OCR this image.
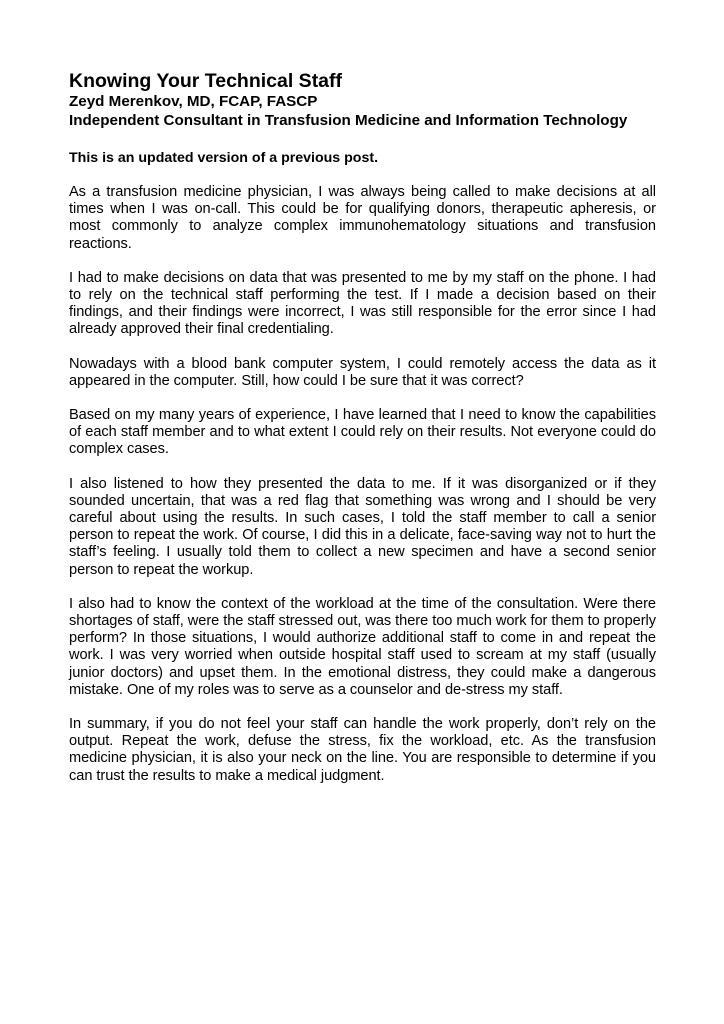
Knowing Your Technical Staff
Zeyd Merenkov, MD, FCAP, FASCP
Independent Consultant in Transfusion Medicine and Information Technology

This is an updated version of a previous post.

As a transfusion medicine physician, I was always being called to make decisions at all times when I was on-call. This could be for qualifying donors, therapeutic apheresis, or most commonly to analyze complex immunohematology situations and transfusion reactions.

I had to make decisions on data that was presented to me by my staff on the phone. I had to rely on the technical staff performing the test. If I made a decision based on their findings, and their findings were incorrect, I was still responsible for the error since I had already approved their final credentialing.

Nowadays with a blood bank computer system, I could remotely access the data as it appeared in the computer. Still, how could I be sure that it was correct?

Based on my many years of experience, I have learned that I need to know the capabilities of each staff member and to what extent I could rely on their results. Not everyone could do complex cases.

I also listened to how they presented the data to me. If it was disorganized or if they sounded uncertain, that was a red flag that something was wrong and I should be very careful about using the results. In such cases, I told the staff member to call a senior person to repeat the work. Of course, I did this in a delicate, face-saving way not to hurt the staff’s feeling. I usually told them to collect a new specimen and have a second senior person to repeat the workup.

I also had to know the context of the workload at the time of the consultation. Were there shortages of staff, were the staff stressed out, was there too much work for them to properly perform? In those situations, I would authorize additional staff to come in and repeat the work. I was very worried when outside hospital staff used to scream at my staff (usually junior doctors) and upset them. In the emotional distress, they could make a dangerous mistake. One of my roles was to serve as a counselor and de-stress my staff.

In summary, if you do not feel your staff can handle the work properly, don’t rely on the output. Repeat the work, defuse the stress, fix the workload, etc. As the transfusion medicine physician, it is also your neck on the line. You are responsible to determine if you can trust the results to make a medical judgment.
